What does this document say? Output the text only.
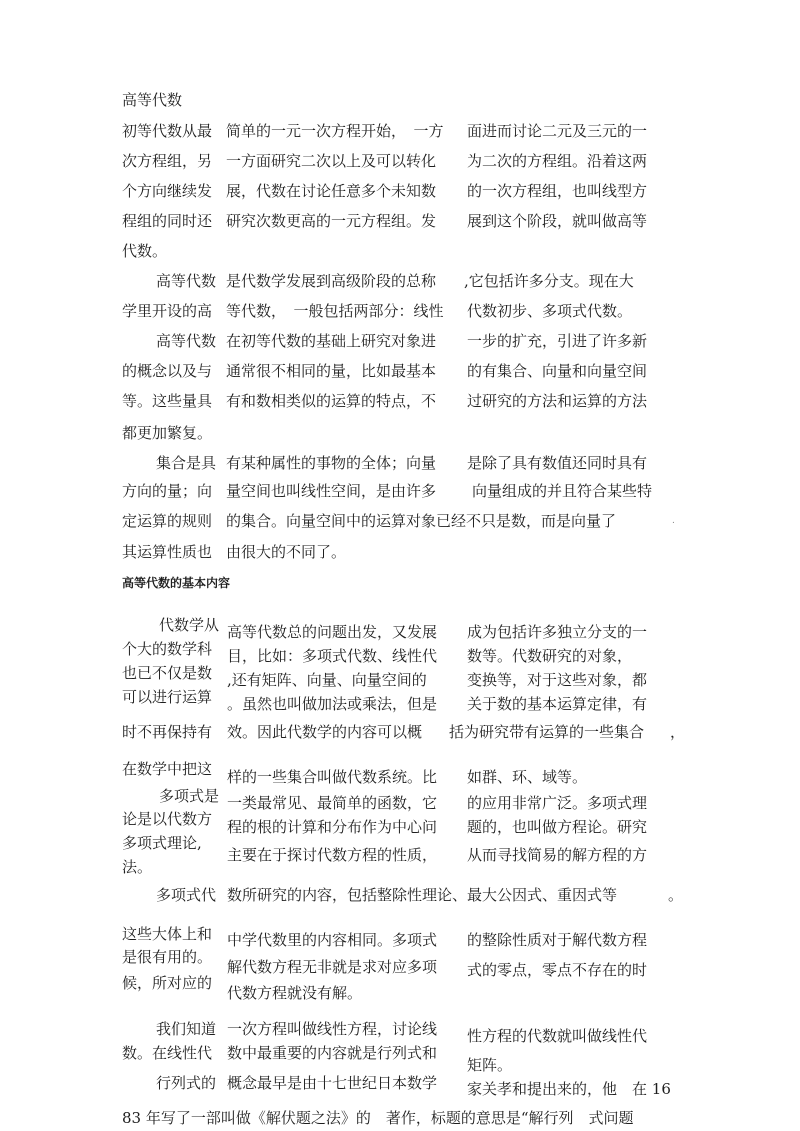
高等代数
初等代数从最 简单的一元一次方程开始，　一方 面进而讨论二元及三元的一
次方程组，另 一方面研究二次以上及可以转化 为二次的方程组。沿着这两
个方向继续发 展，代数在讨论任意多个未知数 的一次方程组，也叫线型方
程组的同时还 研究次数更高的一元方程组。发 展到这个阶段，就叫做高等
代数。
高等代数 是代数学发展到高级阶段的总称 ,它包括许多分支。现在大
学里开设的高 等代数，　一般包括两部分：线性 代数初步、多项式代数。
高等代数 在初等代数的基础上研究对象进 一步的扩充，引进了许多新
的概念以及与 通常很不相同的量，比如最基本 的有集合、向量和向量空间
等。这些量具 有和数相类似的运算的特点，不 过研究的方法和运算的方法
都更加繁复。
集合是具 有某种属性的事物的全体；向量 是除了具有数值还同时具有
方向的量；向 量空间也叫线性空间，是由许多 向量组成的并且符合某些特
定运算的规则 的集合。向量空间中的运算对象已经不只是数，而是向量了	.
其运算性质也 由很大的不同了。
高等代数的基本内容
代数学从 高等代数总的问题出发，又发展 成为包括许多独立分支的一
个大的数学科 目，比如：多项式代数、线性代 数等。代数研究的对象，
也已不仅是数 ,还有矩阵、向量、向量空间的	变换等，对于这些对象，都
可以进行运算 。虽然也叫做加法或乘法，但是 关于数的基本运算定律，有
时不再保持有 效。因此代数学的内容可以概 括为研究带有运算的一些集合 ，
在数学中把这 样的一些集合叫做代数系统。比 如群、环、域等。
多项式是 一类最常见、最简单的函数，它 的应用非常广泛。多项式理
论是以代数方 程的根的计算和分布作为中心问 题的，也叫做方程论。研究
多项式理论,
主要在于探讨代数方程的性质， 从而寻找简易的解方程的方
法。
多项式代 数所研究的内容，包括整除性理论、最大公因式、重因式等	。
这些大体上和 中学代数里的内容相同。多项式 的整除性质对于解代数方程
是很有用的。
解代数方程无非就是求对应多项 式的零点，零点不存在的时
候，所对应的
代数方程就没有解。
我们知道 一次方程叫做线性方程，讨论线 性方程的代数就叫做线性代
数。在线性代 数中最重要的内容就是行列式和
矩阵。
行列式的 概念最早是由十七世纪日本数学 家关孝和提出来的，他　在 16
83 年写了一部叫做《解伏题之法》的　著作，标题的意思是“解行列　式问题
